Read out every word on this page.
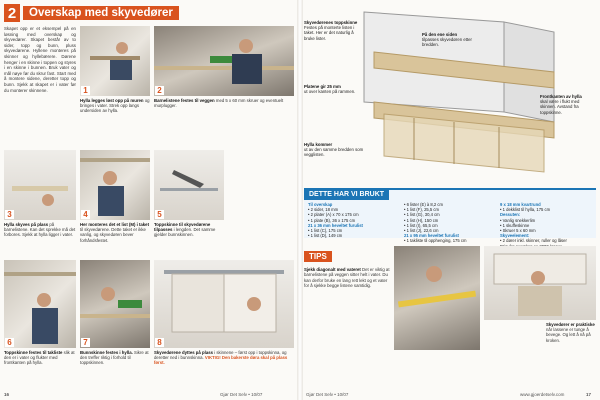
2	Overskap med skyvedører

Skapet opp er et eksempel på en løsning med overskap og skyvedører. Skapet består av to sider, topp og bunn, pluss skyvedørene. Hyllene monteres på skinner og hyllebærere. Dørene henger i en skinne i toppen og styres i en skinne i bunnen. Bruk vater og mål nøye før du skrur fast. Start med å montere sidene, deretter topp og bunn. Sjekk at skapet er i vater før du monterer skinnene.	1
Hylla legges løst opp på muren og bringes i vater. Strek opp langs undersiden av hylla.
2
Barnelistene festes til veggen med 5 x 60 mm skruer og eventuelt murplugger.
3
Hylla skyves på plass på barnelistene. Kan det sprekke må det forbores. Sjekk at hylla ligger i vater.
4
Her monteres det et list (M) i taket til skyvedørene. Dette taket er ikke vanlig, og skyvedøren bever forhåndsfestet.
5
Toppskinne til skyvedørene tilpasses i lengden. Det samme gjelder bunnskinnen.
6
Toppskinne festes til takliste slik at den er i vater og flukter med frontkanten på hylla.
7
Bunnskinne festes i hylla. Sikre at den treffer riktig i forhold til toppskinnen.
8
Skyvedørene dyttes på plass i skinnene – først opp i toppskinna, og deretter ned i bunnskinna. VIKTIG! Den bakerste døra skal på plass først.
16	Gjør Det Selv • 10/07
Skyvedørenes toppskinne
Festes på monterte listen i taket. Her er det naturlig å bruke lister.
På den ene siden
tilpasses skyvedøren etter bredden.
Platene gir 25 mm
ut over kanten på rammen.
Frontkanten av hylla
skal være i flukt med skinnen. Avstand fra toppskinne.
Hylla kommer
ut av den samme bredden som vegglisten.
DETTE HAR VI BRUKT
Til overskap
• 2 sider, 18 mm
• 2 plater (A) x 70 x 175 cm
• 1 plate (B), 36 x 175 cm
21 x 36 mm heveltet furulist
• 1 list (C), 175 cm
• 1 list (D), 149 cm
• 6 lister (E) à 8,2 cm
• 1 list (F), 25,5 cm
• 1 list (G), 30,4 cm
• 1 list (H), 150 cm
• 1 list (I), 65,5 cm
• 1 list (J), 22,6 cm
21 x 95 mm heveltet furulist
• 1 takliste til opphenging, 175 cm
9 x 18 mm kvartrund
• 1 dekklist til hylla, 175 cm
Dessuten:
• Vanlig snekkerlim
• 1 skuffeskinne
• Skruer 5 x 60 mm
Skyveelement:
• 2 dører inkl. skinner, ruller og låser
TIPS
Sjekk diagonalt med vateret Det er viktig at barnelistene på veggen sitter helt i vater. Du kan derfor bruke en lang rett lekt og et vater for å sjekke begge listene samtidig.
Skyvedører er praktiske når lassene er tunge å bevege. Og lett å nå på kroken.
Gjør Det Selv • 10/07	www.gjoerdetselv.com	17
